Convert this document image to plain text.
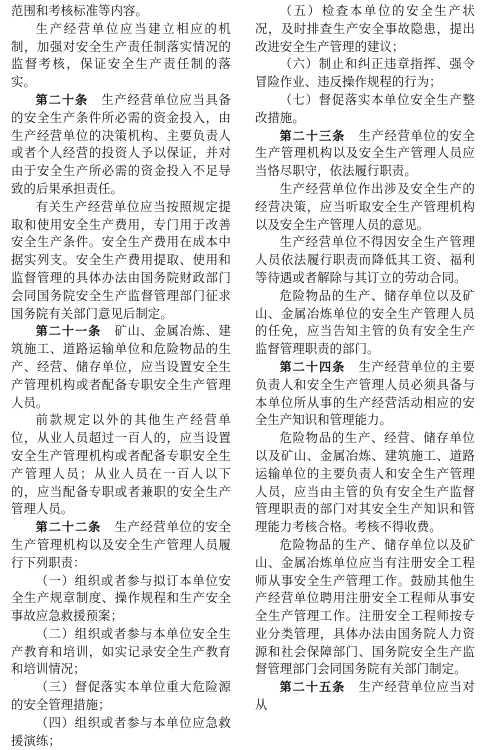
范围和考核标准等内容。

生产经营单位应当建立相应的机制，加强对安全生产责任制落实情况的监督考核，保证安全生产责任制的落实。

第二十条　 生产经营单位应当具备的安全生产条件所必需的资金投入，由生产经营单位的决策机构、主要负责人或者个人经营的投资人予以保证，并对由于安全生产所必需的资金投入不足导致的后果承担责任。

有关生产经营单位应当按照规定提取和使用安全生产费用，专门用于改善安全生产条件。安全生产费用在成本中据实列支。安全生产费用提取、使用和监督管理的具体办法由国务院财政部门会同国务院安全生产监督管理部门征求国务院有关部门意见后制定。

第二十一条　 矿山、金属冶炼、建筑施工、道路运输单位和危险物品的生产、经营、储存单位，应当设置安全生产管理机构或者配备专职安全生产管理人员。

前款规定以外的其他生产经营单位，从业人员超过一百人的，应当设置安全生产管理机构或者配备专职安全生产管理人员；从业人员在一百人以下的，应当配备专职或者兼职的安全生产管理人员。

第二十二条　 生产经营单位的安全生产管理机构以及安全生产管理人员履行下列职责：

（一）组织或者参与拟订本单位安全生产规章制度、操作规程和生产安全事故应急救援预案；

（二）组织或者参与本单位安全生产教育和培训，如实记录安全生产教育和培训情况；

（三）督促落实本单位重大危险源的安全管理措施；

（四）组织或者参与本单位应急救援演练；

（五）检查本单位的安全生产状况，及时排查生产安全事故隐患，提出改进安全生产管理的建议；

（六）制止和纠正违章指挥、强令冒险作业、违反操作规程的行为；

（七）督促落实本单位安全生产整改措施。

第二十三条　 生产经营单位的安全生产管理机构以及安全生产管理人员应当恪尽职守，依法履行职责。

生产经营单位作出涉及安全生产的经营决策，应当听取安全生产管理机构以及安全生产管理人员的意见。

生产经营单位不得因安全生产管理人员依法履行职责而降低其工资、福利等待遇或者解除与其订立的劳动合同。

危险物品的生产、储存单位以及矿山、金属冶炼单位的安全生产管理人员的任免，应当告知主管的负有安全生产监督管理职责的部门。

第二十四条　 生产经营单位的主要负责人和安全生产管理人员必须具备与本单位所从事的生产经营活动相应的安全生产知识和管理能力。

危险物品的生产、经营、储存单位以及矿山、金属冶炼、建筑施工、道路运输单位的主要负责人和安全生产管理人员，应当由主管的负有安全生产监督管理职责的部门对其安全生产知识和管理能力考核合格。考核不得收费。

危险物品的生产、储存单位以及矿山、金属冶炼单位应当有注册安全工程师从事安全生产管理工作。鼓励其他生产经营单位聘用注册安全工程师从事安全生产管理工作。注册安全工程师按专业分类管理，具体办法由国务院人力资源和社会保障部门、国务院安全生产监督管理部门会同国务院有关部门制定。

第二十五条　 生产经营单位应当对从
